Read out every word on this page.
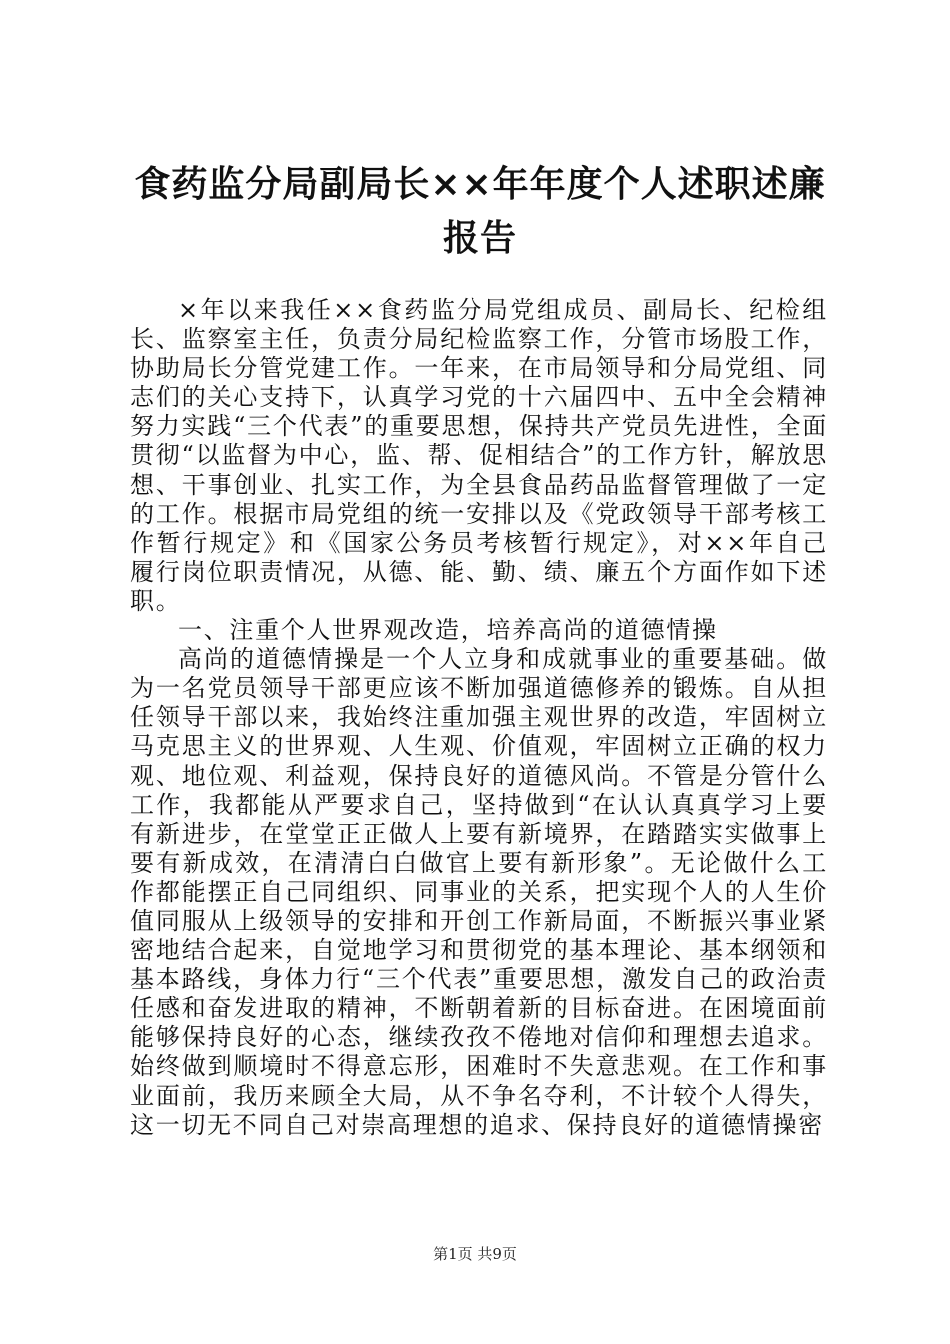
食药监分局副局长××年年度个人述职述廉报告

×年以来我任××食药监分局党组成员、副局长、纪检组长、监察室主任，负责分局纪检监察工作，分管市场股工作，协助局长分管党建工作。一年来，在市局领导和分局党组、同志们的关心支持下，认真学习党的十六届四中、五中全会精神努力实践“三个代表”的重要思想，保持共产党员先进性，全面贯彻“以监督为中心，监、帮、促相结合”的工作方针，解放思想、干事创业、扎实工作，为全县食品药品监督管理做了一定的工作。根据市局党组的统一安排以及《党政领导干部考核工作暂行规定》和《国家公务员考核暂行规定》，对××年自己履行岗位职责情况，从德、能、勤、绩、廉五个方面作如下述职。

一、注重个人世界观改造，培养高尚的道德情操

高尚的道德情操是一个人立身和成就事业的重要基础。做为一名党员领导干部更应该不断加强道德修养的锻炼。自从担任领导干部以来，我始终注重加强主观世界的改造，牢固树立马克思主义的世界观、人生观、价值观，牢固树立正确的权力观、地位观、利益观，保持良好的道德风尚。不管是分管什么工作，我都能从严要求自己，坚持做到“在认认真真学习上要有新进步，在堂堂正正做人上要有新境界，在踏踏实实做事上要有新成效，在清清白白做官上要有新形象”。无论做什么工作都能摆正自己同组织、同事业的关系，把实现个人的人生价值同服从上级领导的安排和开创工作新局面，不断振兴事业紧密地结合起来，自觉地学习和贯彻党的基本理论、基本纲领和基本路线，身体力行“三个代表”重要思想，激发自己的政治责任感和奋发进取的精神，不断朝着新的目标奋进。在困境面前能够保持良好的心态，继续孜孜不倦地对信仰和理想去追求。始终做到顺境时不得意忘形，困难时不失意悲观。在工作和事业面前，我历来顾全大局，从不争名夺利，不计较个人得失，这一切无不同自己对崇高理想的追求、保持良好的道德情操密

第1页 共9页
